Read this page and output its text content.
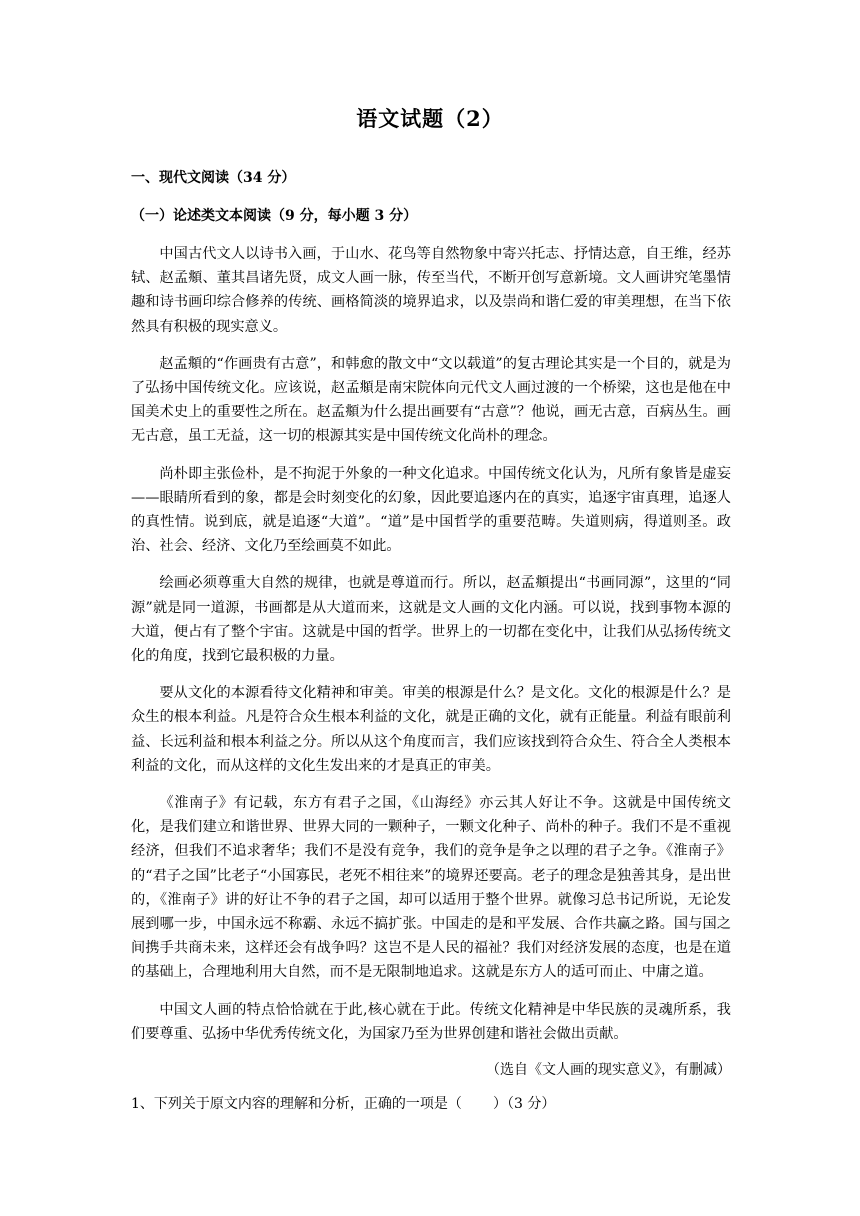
语文试题（2）
一、现代文阅读（34 分）
（一）论述类文本阅读（9 分，每小题 3 分）

中国古代文人以诗书入画，于山水、花鸟等自然物象中寄兴托志、抒情达意，自王维，经苏轼、赵孟頫、董其昌诸先贤，成文人画一脉，传至当代，不断开创写意新境。文人画讲究笔墨情趣和诗书画印综合修养的传统、画格简淡的境界追求，以及崇尚和谐仁爱的审美理想，在当下依然具有积极的现实意义。

赵孟頫的“作画贵有古意”，和韩愈的散文中“文以载道”的复古理论其实是一个目的，就是为了弘扬中国传统文化。应该说，赵孟頫是南宋院体向元代文人画过渡的一个桥梁，这也是他在中国美术史上的重要性之所在。赵孟頫为什么提出画要有“古意”？他说，画无古意，百病丛生。画无古意，虽工无益，这一切的根源其实是中国传统文化尚朴的理念。

尚朴即主张俭朴，是不拘泥于外象的一种文化追求。中国传统文化认为，凡所有象皆是虚妄——眼睛所看到的象，都是会时刻变化的幻象，因此要追逐内在的真实，追逐宇宙真理，追逐人的真性情。说到底，就是追逐“大道”。“道”是中国哲学的重要范畴。失道则病，得道则圣。政治、社会、经济、文化乃至绘画莫不如此。

绘画必须尊重大自然的规律，也就是尊道而行。所以，赵孟頫提出“书画同源”，这里的“同源”就是同一道源，书画都是从大道而来，这就是文人画的文化内涵。可以说，找到事物本源的大道，便占有了整个宇宙。这就是中国的哲学。世界上的一切都在变化中，让我们从弘扬传统文化的角度，找到它最积极的力量。

要从文化的本源看待文化精神和审美。审美的根源是什么？是文化。文化的根源是什么？是众生的根本利益。凡是符合众生根本利益的文化，就是正确的文化，就有正能量。利益有眼前利益、长远利益和根本利益之分。所以从这个角度而言，我们应该找到符合众生、符合全人类根本利益的文化，而从这样的文化生发出来的才是真正的审美。

《淮南子》有记载，东方有君子之国，《山海经》亦云其人好让不争。这就是中国传统文化，是我们建立和谐世界、世界大同的一颗种子，一颗文化种子、尚朴的种子。我们不是不重视经济，但我们不追求奢华；我们不是没有竞争，我们的竞争是争之以理的君子之争。《淮南子》的“君子之国”比老子“小国寡民，老死不相往来”的境界还要高。老子的理念是独善其身，是出世的，《淮南子》讲的好让不争的君子之国，却可以适用于整个世界。就像习总书记所说，无论发展到哪一步，中国永远不称霸、永远不搞扩张。中国走的是和平发展、合作共赢之路。国与国之间携手共商未来，这样还会有战争吗？这岂不是人民的福祉？我们对经济发展的态度，也是在道的基础上，合理地利用大自然，而不是无限制地追求。这就是东方人的适可而止、中庸之道。

中国文人画的特点恰恰就在于此,核心就在于此。传统文化精神是中华民族的灵魂所系，我们要尊重、弘扬中华优秀传统文化，为国家乃至为世界创建和谐社会做出贡献。

（选自《文人画的现实意义》，有删减）
1、下列关于原文内容的理解和分析，正确的一项是（       ）（3 分）
